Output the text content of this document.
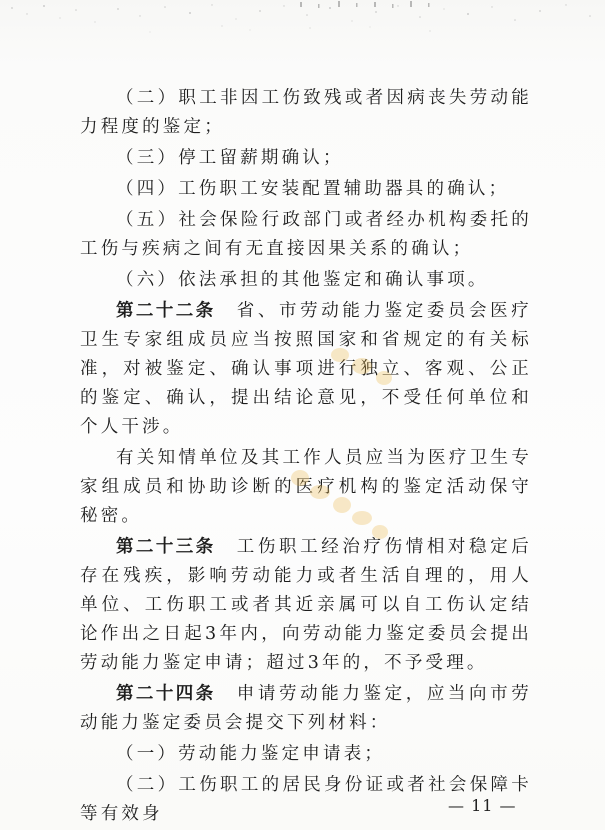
（二）职工非因工伤致残或者因病丧失劳动能力程度的鉴定；

（三）停工留薪期确认；

（四）工伤职工安装配置辅助器具的确认；

（五）社会保险行政部门或者经办机构委托的工伤与疾病之间有无直接因果关系的确认；

（六）依法承担的其他鉴定和确认事项。

第二十二条　 省、市劳动能力鉴定委员会医疗卫生专家组成员应当按照国家和省规定的有关标准，对被鉴定、确认事项进行独立、客观、公正的鉴定、确认，提出结论意见，不受任何单位和个人干涉。

有关知情单位及其工作人员应当为医疗卫生专家组成员和协助诊断的医疗机构的鉴定活动保守秘密。

第二十三条　 工伤职工经治疗伤情相对稳定后存在残疾，影响劳动能力或者生活自理的，用人单位、工伤职工或者其近亲属可以自工伤认定结论作出之日起3年内，向劳动能力鉴定委员会提出劳动能力鉴定申请；超过3年的，不予受理。

第二十四条　 申请劳动能力鉴定，应当向市劳动能力鉴定委员会提交下列材料：

（一）劳动能力鉴定申请表；

（二）工伤职工的居民身份证或者社会保障卡等有效身	— 11 —
